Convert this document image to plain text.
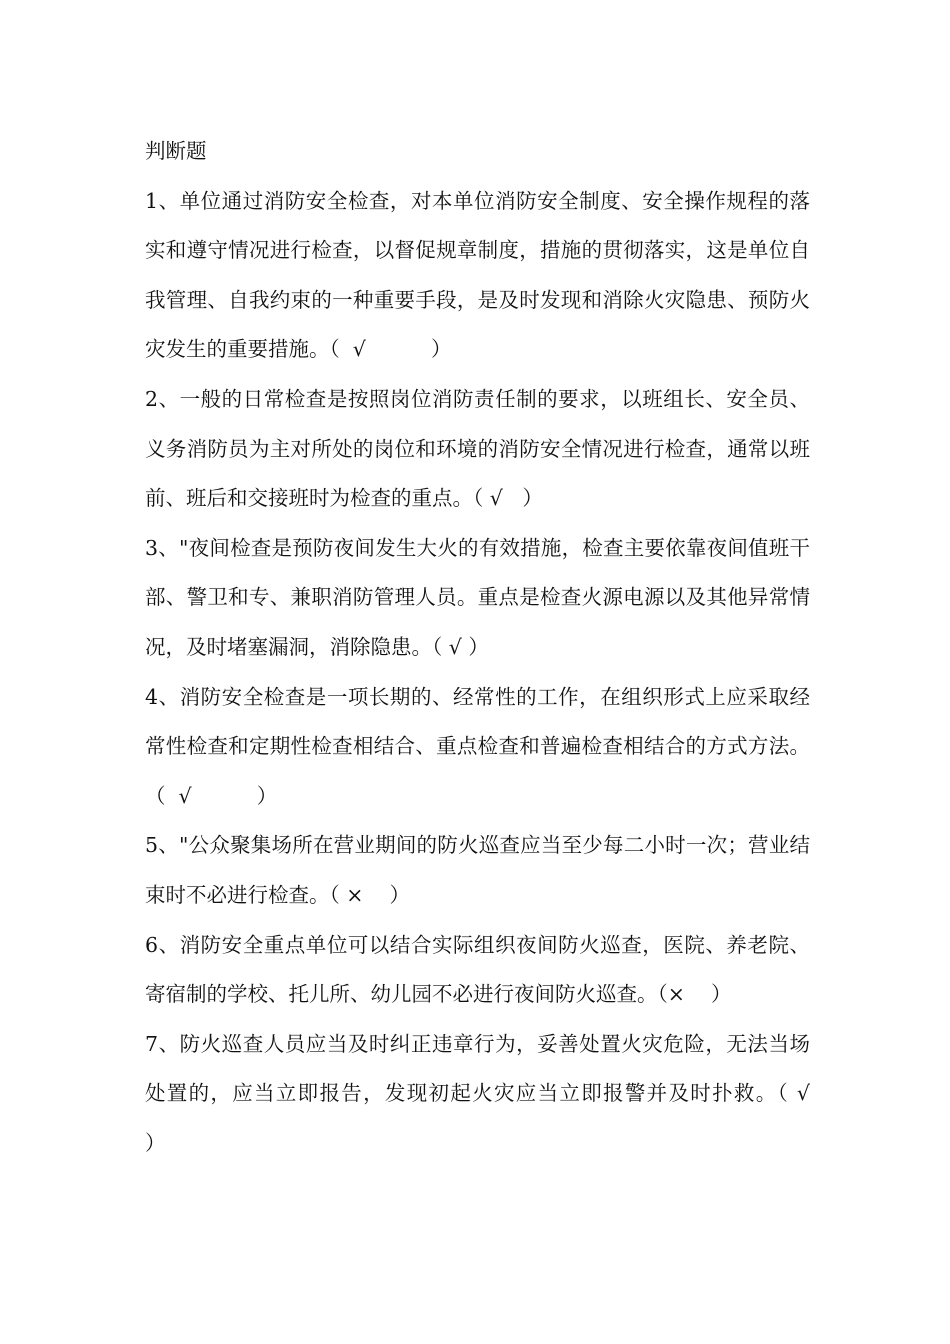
判断题

1、单位通过消防安全检查，对本单位消防安全制度、安全操作规程的落实和遵守情况进行检查，以督促规章制度，措施的贯彻落实，这是单位自我管理、自我约束的一种重要手段，是及时发现和消除火灾隐患、预防火灾发生的重要措施。（  √          ）

2、一般的日常检查是按照岗位消防责任制的要求，以班组长、安全员、义务消防员为主对所处的岗位和环境的消防安全情况进行检查，通常以班前、班后和交接班时为检查的重点。（ √   ）

3、"夜间检查是预防夜间发生大火的有效措施，检查主要依靠夜间值班干部、警卫和专、兼职消防管理人员。重点是检查火源电源以及其他异常情况，及时堵塞漏洞，消除隐患。（ √ ）

4、消防安全检查是一项长期的、经常性的工作，在组织形式上应采取经常性检查和定期性检查相结合、重点检查和普遍检查相结合的方式方法。（  √          ）

5、"公众聚集场所在营业期间的防火巡查应当至少每二小时一次；营业结束时不必进行检查。（ ×    ）

6、消防安全重点单位可以结合实际组织夜间防火巡查，医院、养老院、寄宿制的学校、托儿所、幼儿园不必进行夜间防火巡查。（×    ）

7、防火巡查人员应当及时纠正违章行为，妥善处置火灾危险，无法当场处置的，应当立即报告，发现初起火灾应当立即报警并及时扑救。（ √     ）
